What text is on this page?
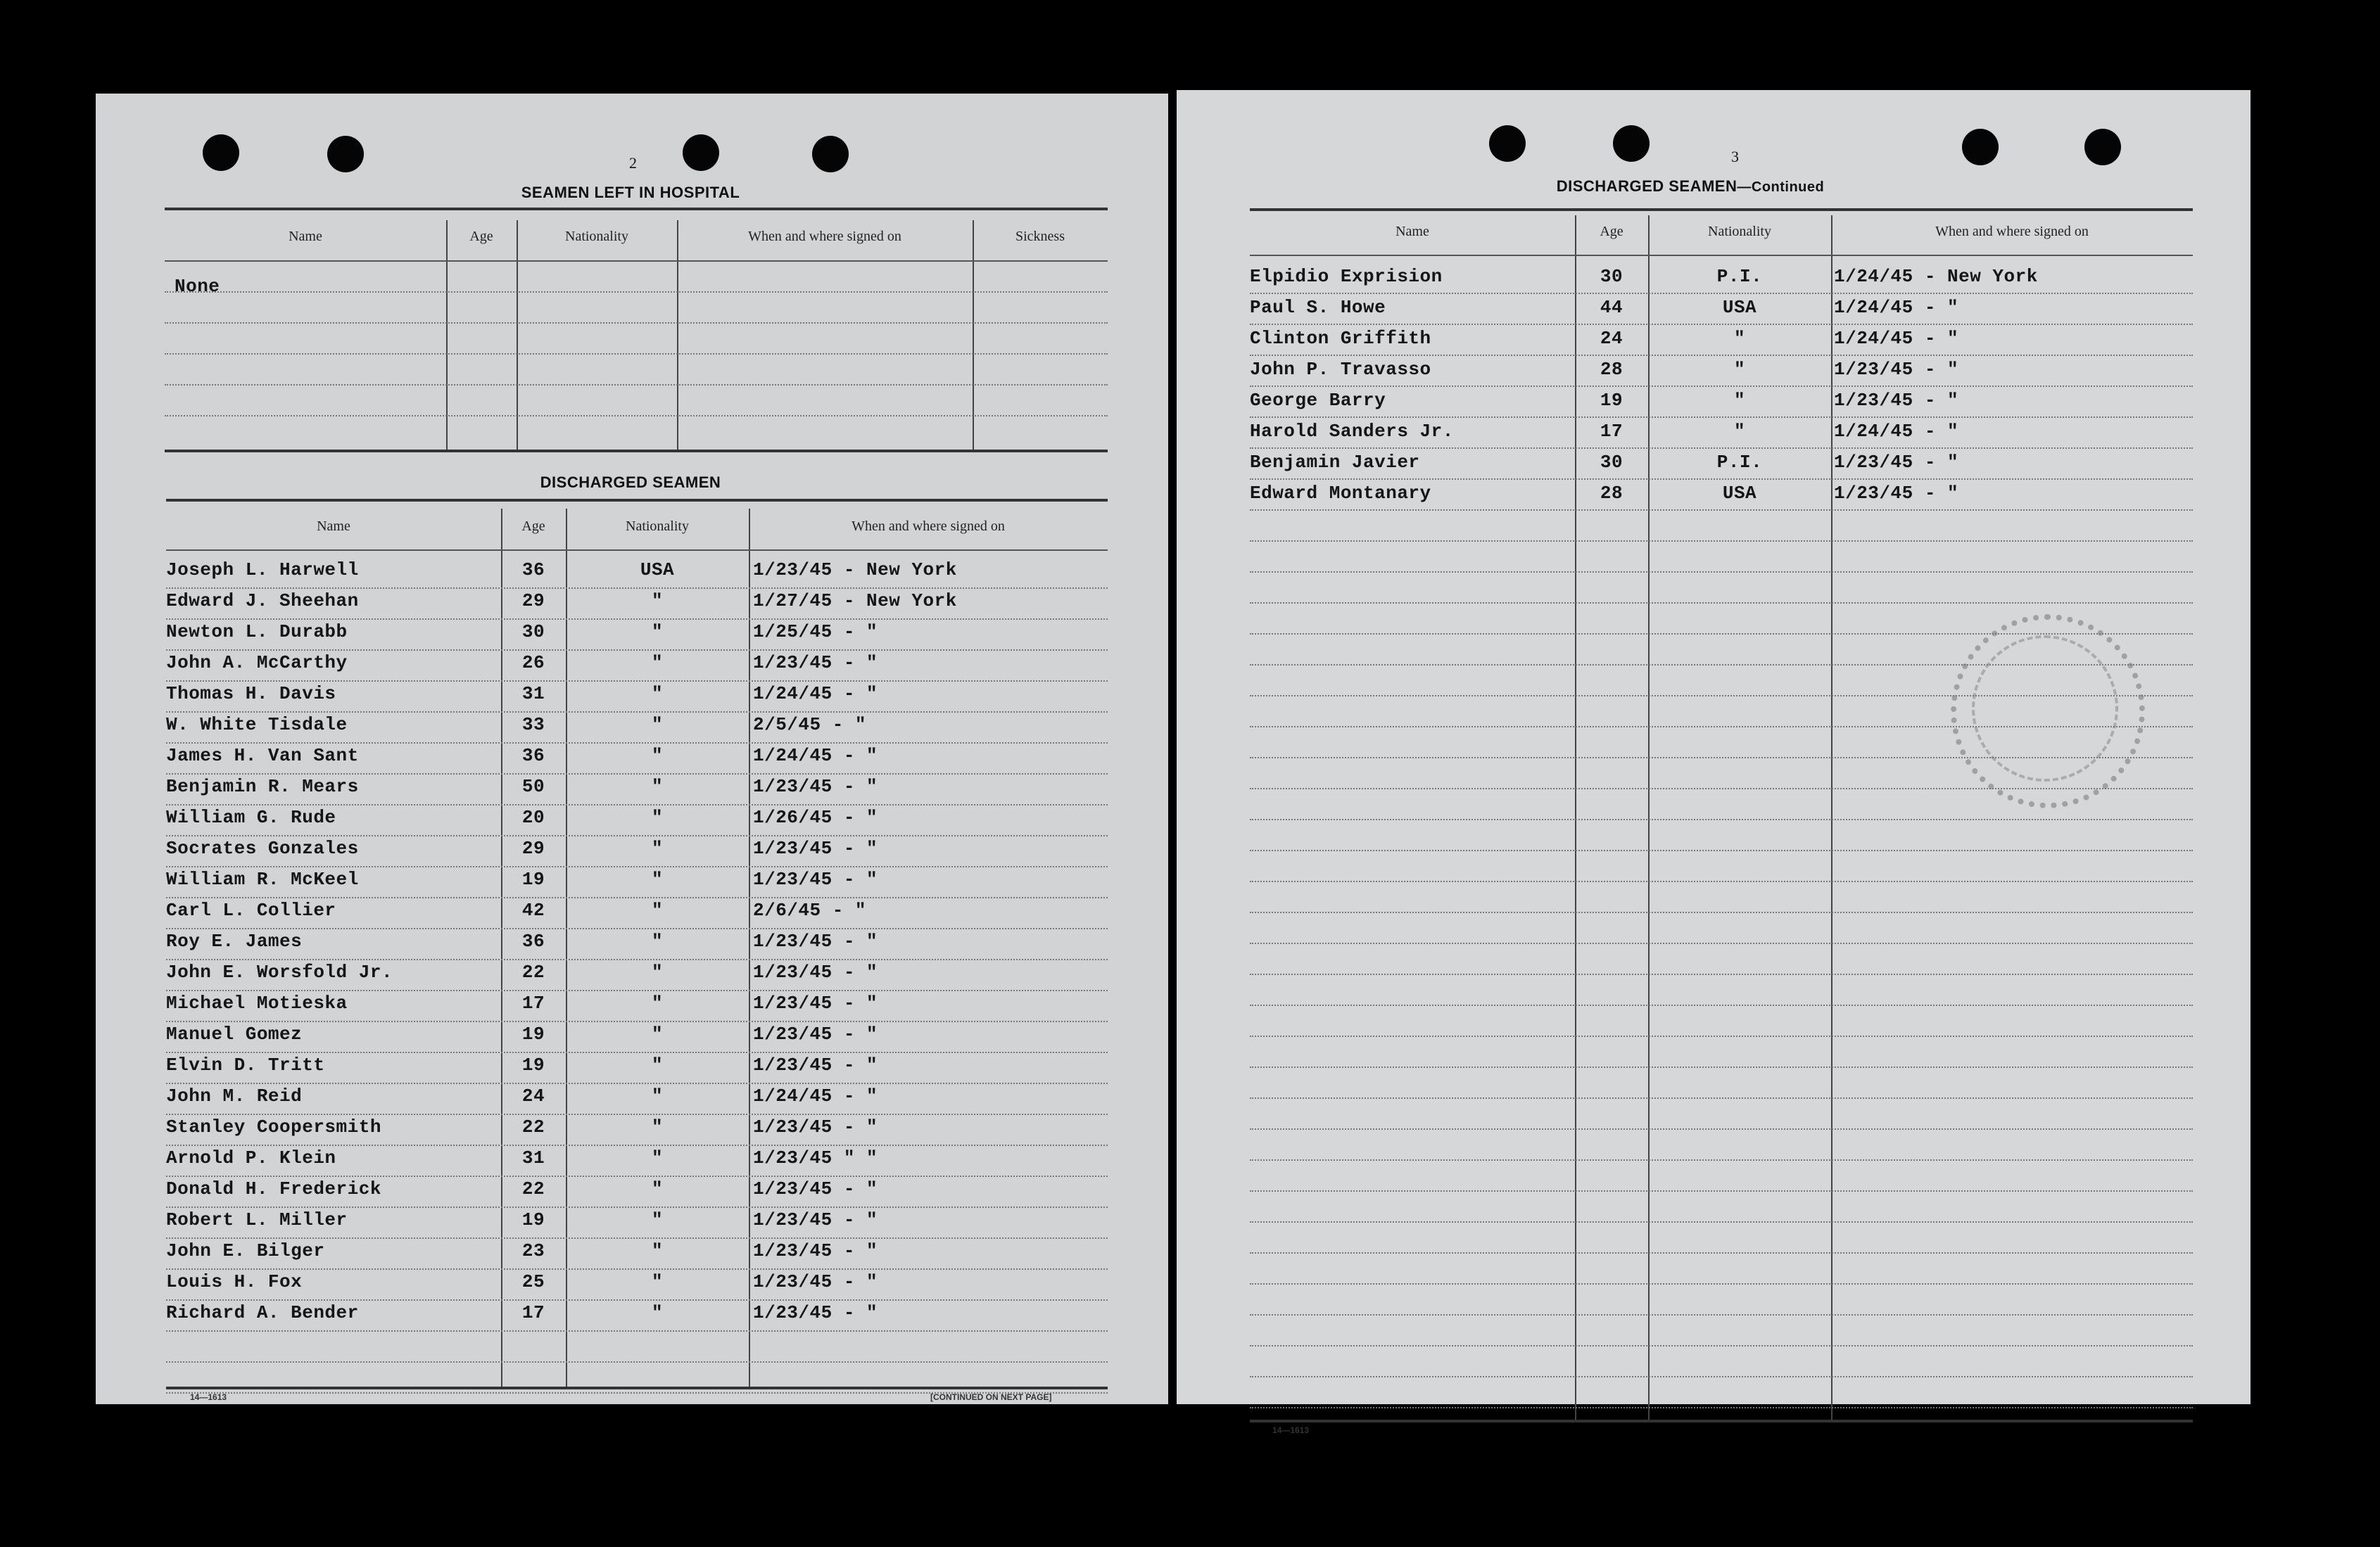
2
SEAMEN LEFT IN HOSPITAL
Name	Age	Nationality	When and where signed on	Sickness
None
DISCHARGED SEAMEN
Name	Age	Nationality	When and where signed on
Joseph L. Harwell	36	USA	1/23/45 - New York
Edward J. Sheehan	29	"	1/27/45 - New York
Newton L. Durabb	30	"	1/25/45 - "
John A. McCarthy	26	"	1/23/45 - "
Thomas H. Davis	31	"	1/24/45 - "
W. White Tisdale	33	"	2/5/45 - "
James H. Van Sant	36	"	1/24/45 - "
Benjamin R. Mears	50	"	1/23/45 - "
William G. Rude	20	"	1/26/45 - "
Socrates Gonzales	29	"	1/23/45 - "
William R. McKeel	19	"	1/23/45 - "
Carl L. Collier	42	"	2/6/45 - "
Roy E. James	36	"	1/23/45 - "
John E. Worsfold Jr.	22	"	1/23/45 - "
Michael Motieska	17	"	1/23/45 - "
Manuel Gomez	19	"	1/23/45 - "
Elvin D. Tritt	19	"	1/23/45 - "
John M. Reid	24	"	1/24/45 - "
Stanley Coopersmith	22	"	1/23/45 - "
Arnold P. Klein	31	"	1/23/45 " "
Donald H. Frederick	22	"	1/23/45 - "
Robert L. Miller	19	"	1/23/45 - "
John E. Bilger	23	"	1/23/45 - "
Louis H. Fox	25	"	1/23/45 - "
Richard A. Bender	17	"	1/23/45 - "
14—1613	[CONTINUED ON NEXT PAGE]
3
DISCHARGED SEAMEN—Continued
Name	Age	Nationality	When and where signed on
Elpidio Exprision	30	P.I.	1/24/45 - New York
Paul S. Howe	44	USA	1/24/45 - "
Clinton Griffith	24	"	1/24/45 - "
John P. Travasso	28	"	1/23/45 - "
George Barry	19	"	1/23/45 - "
Harold Sanders Jr.	17	"	1/24/45 - "
Benjamin Javier	30	P.I.	1/23/45 - "
Edward Montanary	28	USA	1/23/45 - "
14—1613
